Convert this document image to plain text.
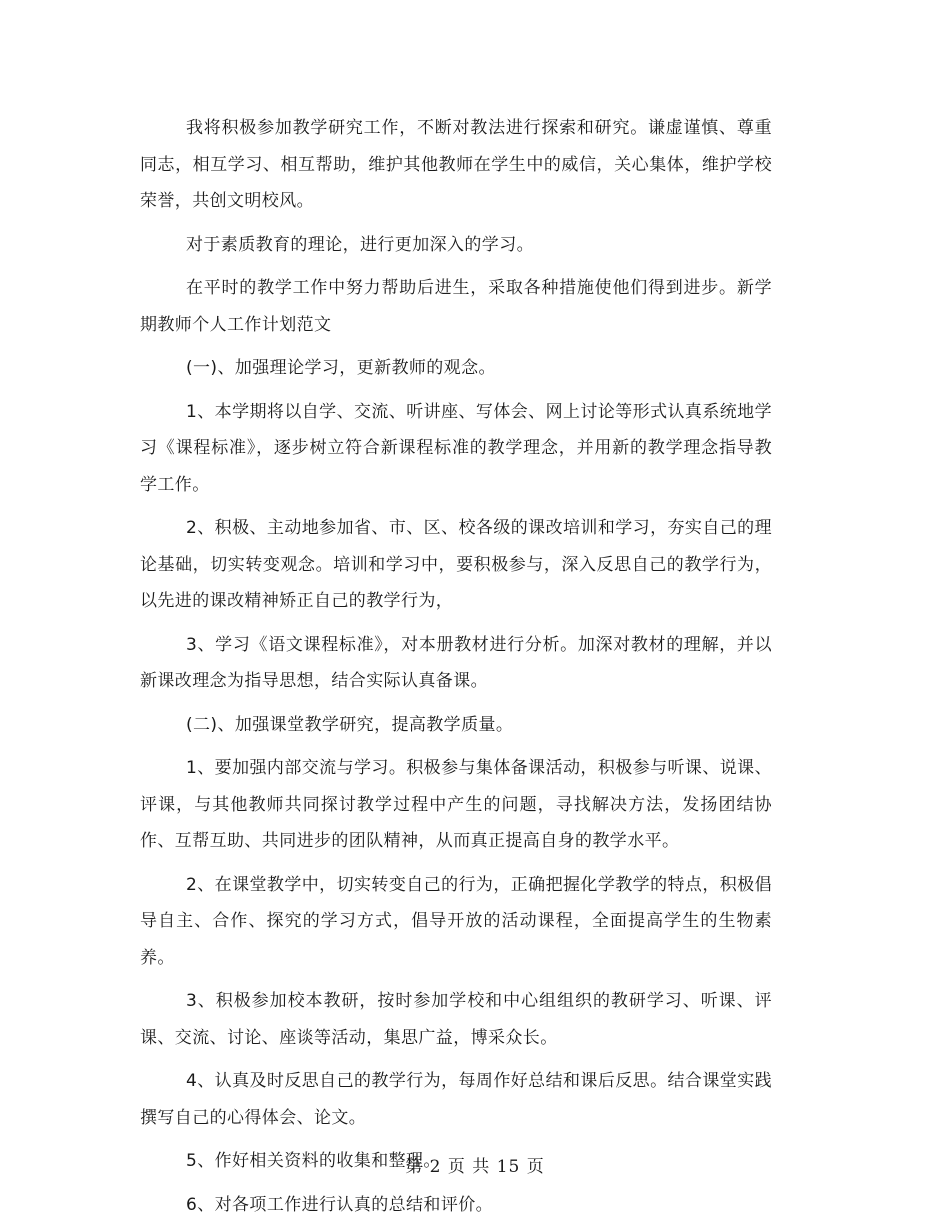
我将积极参加教学研究工作，不断对教法进行探索和研究。谦虚谨慎、尊重同志，相互学习、相互帮助，维护其他教师在学生中的威信，关心集体，维护学校荣誉，共创文明校风。

对于素质教育的理论，进行更加深入的学习。

在平时的教学工作中努力帮助后进生，采取各种措施使他们得到进步。新学期教师个人工作计划范文

(一)、加强理论学习，更新教师的观念。

1、本学期将以自学、交流、听讲座、写体会、网上讨论等形式认真系统地学习《课程标准》，逐步树立符合新课程标准的教学理念，并用新的教学理念指导教学工作。

2、积极、主动地参加省、市、区、校各级的课改培训和学习，夯实自己的理论基础，切实转变观念。培训和学习中，要积极参与，深入反思自己的教学行为，以先进的课改精神矫正自己的教学行为，

3、学习《语文课程标准》，对本册教材进行分析。加深对教材的理解，并以新课改理念为指导思想，结合实际认真备课。

(二)、加强课堂教学研究，提高教学质量。

1、要加强内部交流与学习。积极参与集体备课活动，积极参与听课、说课、评课，与其他教师共同探讨教学过程中产生的问题，寻找解决方法，发扬团结协作、互帮互助、共同进步的团队精神，从而真正提高自身的教学水平。

2、在课堂教学中，切实转变自己的行为，正确把握化学教学的特点，积极倡导自主、合作、探究的学习方式，倡导开放的活动课程，全面提高学生的生物素养。

3、积极参加校本教研，按时参加学校和中心组组织的教研学习、听课、评课、交流、讨论、座谈等活动，集思广益，博采众长。

4、认真及时反思自己的教学行为，每周作好总结和课后反思。结合课堂实践撰写自己的心得体会、论文。

5、作好相关资料的收集和整理。

6、对各项工作进行认真的总结和评价。

第 2 页 共 15 页
